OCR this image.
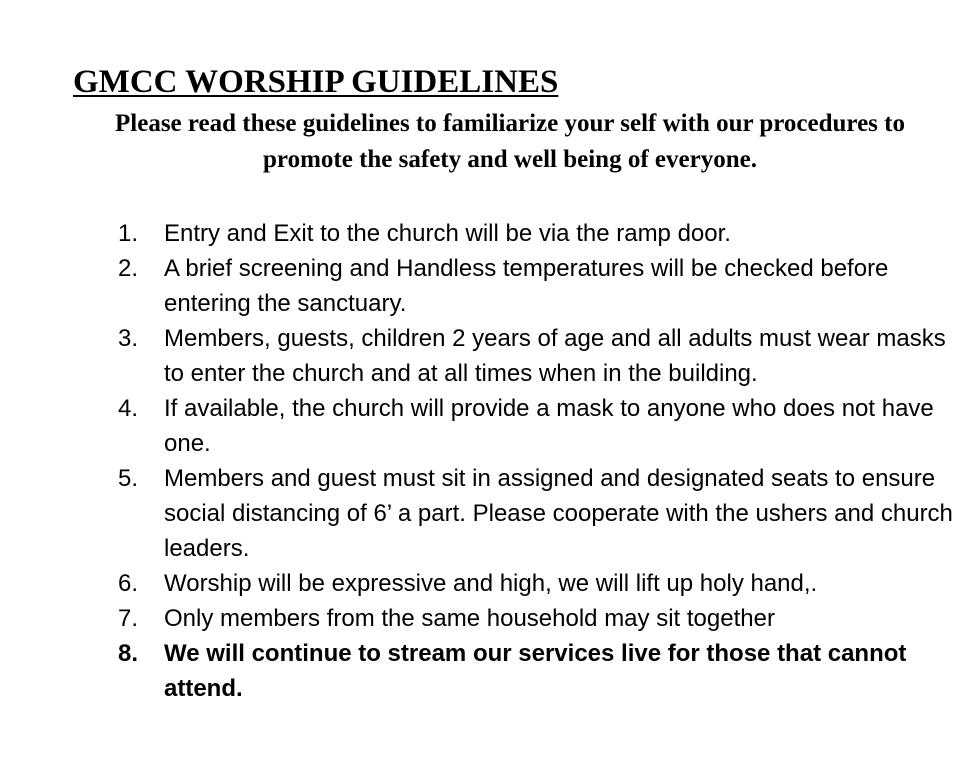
GMCC WORSHIP GUIDELINES

Please read these guidelines to familiarize your self with our procedures to promote the safety and well being of everyone.

1.	Entry and Exit to the church will be via the ramp door.
2.	A brief screening and Handless temperatures will be checked before entering the sanctuary.
3.	Members, guests, children 2 years of age and all adults must wear masks to enter the church and at all times when in the building.
4.	If available, the church will provide a mask to anyone who does not have one.
5.	Members and guest must sit in assigned and designated seats to ensure social distancing of 6’ a part. Please cooperate with the ushers and church leaders.
6.	Worship will be expressive and high, we will lift up holy hand,.
7.	Only members from the same household may sit together
8.	We will continue to stream our services live for those that cannot attend.
